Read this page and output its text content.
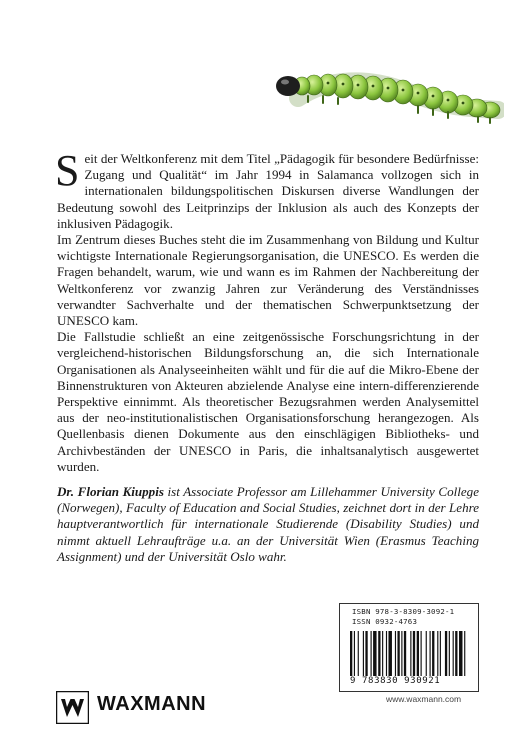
Seit der Weltkonferenz mit dem Titel „Pädagogik für besondere Bedürfnisse: Zugang und Qualität“ im Jahr 1994 in Salamanca vollzogen sich in internationalen bildungspolitischen Diskursen diverse Wandlungen der Bedeutung sowohl des Leitprinzips der Inklusion als auch des Konzepts der inklusiven Pädagogik.

Im Zentrum dieses Buches steht die im Zusammenhang von Bildung und Kultur wichtigste Internationale Regierungsorganisation, die UNESCO. Es werden die Fragen behandelt, warum, wie und wann es im Rahmen der Nachbereitung der Weltkonferenz vor zwanzig Jahren zur Veränderung des Verständnisses verwandter Sachverhalte und der thematischen Schwerpunktsetzung der UNESCO kam.

Die Fallstudie schließt an eine zeitgenössische Forschungsrichtung in der vergleichend-historischen Bildungsforschung an, die sich Internationale Organisationen als Analyseeinheiten wählt und für die auf die Mikro-Ebene der Binnenstrukturen von Akteuren abzielende Analyse eine intern-differenzierende Perspektive einnimmt. Als theoretischer Bezugsrahmen werden Analysemittel aus der neo-institutionalistischen Organisationsforschung herangezogen. Als Quellenbasis dienen Dokumente aus den einschlägigen Bibliotheks- und Archivbeständen der UNESCO in Paris, die inhaltsanalytisch ausgewertet wurden.

Dr. Florian Kiuppis ist Associate Professor am Lillehammer University College (Norwegen), Faculty of Education and Social Studies, zeichnet dort in der Lehre hauptverantwortlich für internationale Studierende (Disability Studies) und nimmt aktuell Lehraufträge u.a. an der Universität Wien (Erasmus Teaching Assignment) und der Universität Oslo wahr.

ISBN 978-3-8309-3092-1
ISSN 0932-4763
9 783830 930921
www.waxmann.com
WAXMANN
